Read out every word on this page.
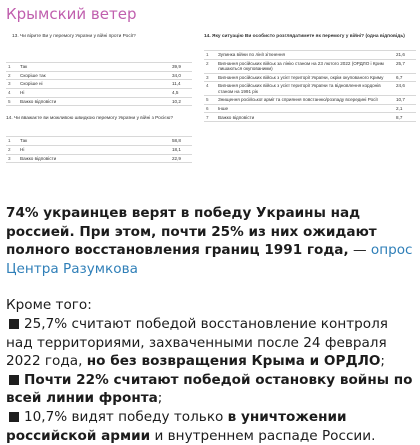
Крымский ветер
13. Чи вірите Ви у перемогу України у війні проти Росії?
1	Так	39,9
2	Скоріше так	34,0
3	Скоріше ні	11,4
4	Ні	4,5
5	Важко відповісти	10,2
14. Чи вважаєте ви можливою швидкою перемогу України у війні з Росією?
1	Так	58,8
2	Ні	18,1
3	Важко відповісти	22,9
14. Яку ситуацію Ви особисто розглядатимете як перемогу у війні? (одна відповідь)
1	Зупинка війни по лінії зіткнення	21,6
2	Вигнання російських військ за лінію станом на 23 лютого 2022 (ОРДЛО і Крим лишаються окупованими)	25,7
3	Вигнання російських військ з усієї території України, окрім окупованого Криму	6,7
4	Вигнання російських військ з усієї території України та відновлення кордонів станом на 1991 рік	24,6
5	Знищення російської армії та сприяння повстанню/розпаду всередині Росії	10,7
6	Інше	2,1
7	Важко відповісти	8,7

74% украинцев верят в победу Украины над россией. При этом, почти 25% из них ожидают полного восстановления границ 1991 года, — опрос Центра Разумкова

Кроме того:

25,7% считают победой восстановление контроля над территориями, захваченными после 24 февраля 2022 года, но без возвращения Крыма и ОРДЛО;

Почти 22% считают победой остановку войны по всей линии фронта;

10,7% видят победу только в уничтожении российской армии и внутреннем распаде России.
